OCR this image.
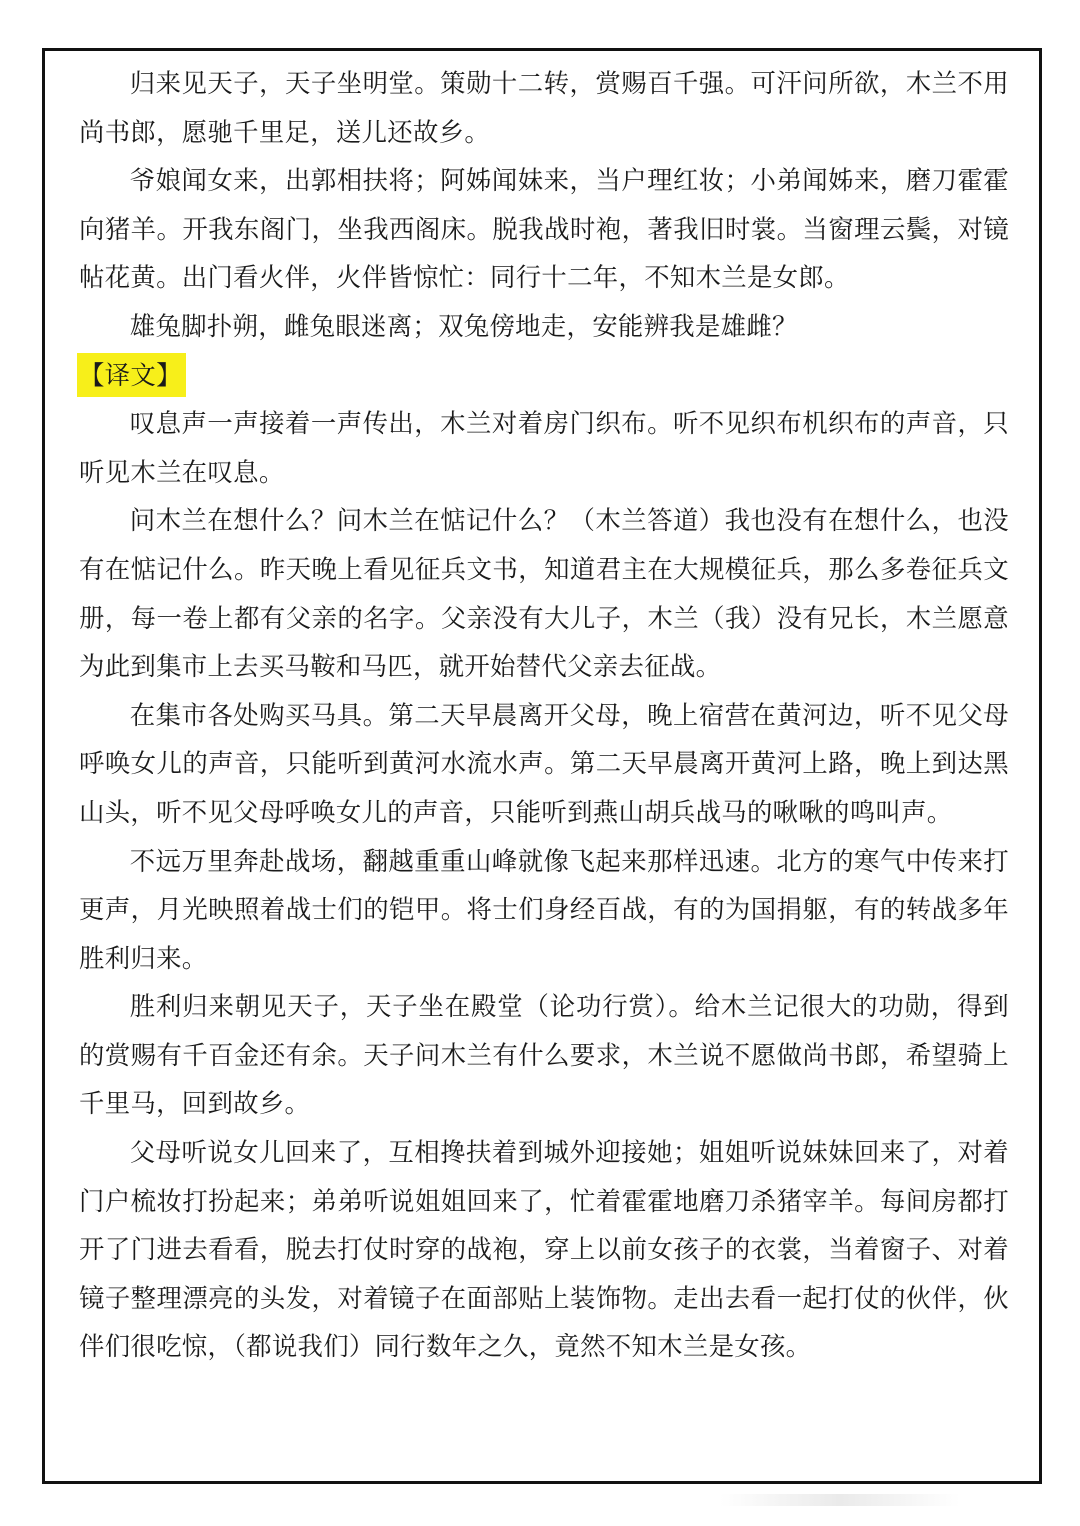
归来见天子，天子坐明堂。策勋十二转，赏赐百千强。可汗问所欲，木兰不用尚书郎，愿驰千里足，送儿还故乡。

爷娘闻女来，出郭相扶将；阿姊闻妹来，当户理红妆；小弟闻姊来，磨刀霍霍向猪羊。开我东阁门，坐我西阁床。脱我战时袍，著我旧时裳。当窗理云鬓，对镜帖花黄。出门看火伴，火伴皆惊忙：同行十二年，不知木兰是女郎。

雄兔脚扑朔，雌兔眼迷离；双兔傍地走，安能辨我是雄雌？

【译文】

叹息声一声接着一声传出，木兰对着房门织布。听不见织布机织布的声音，只听见木兰在叹息。

问木兰在想什么？问木兰在惦记什么？（木兰答道）我也没有在想什么，也没有在惦记什么。昨天晚上看见征兵文书，知道君主在大规模征兵，那么多卷征兵文册，每一卷上都有父亲的名字。父亲没有大儿子，木兰（我）没有兄长，木兰愿意为此到集市上去买马鞍和马匹，就开始替代父亲去征战。

在集市各处购买马具。第二天早晨离开父母，晚上宿营在黄河边，听不见父母呼唤女儿的声音，只能听到黄河水流水声。第二天早晨离开黄河上路，晚上到达黑山头，听不见父母呼唤女儿的声音，只能听到燕山胡兵战马的啾啾的鸣叫声。

不远万里奔赴战场，翻越重重山峰就像飞起来那样迅速。北方的寒气中传来打更声，月光映照着战士们的铠甲。将士们身经百战，有的为国捐躯，有的转战多年胜利归来。

胜利归来朝见天子，天子坐在殿堂（论功行赏）。给木兰记很大的功勋，得到的赏赐有千百金还有余。天子问木兰有什么要求，木兰说不愿做尚书郎，希望骑上千里马，回到故乡。

父母听说女儿回来了，互相搀扶着到城外迎接她；姐姐听说妹妹回来了，对着门户梳妆打扮起来；弟弟听说姐姐回来了，忙着霍霍地磨刀杀猪宰羊。每间房都打开了门进去看看，脱去打仗时穿的战袍，穿上以前女孩子的衣裳，当着窗子、对着镜子整理漂亮的头发，对着镜子在面部贴上装饰物。走出去看一起打仗的伙伴，伙伴们很吃惊，（都说我们）同行数年之久，竟然不知木兰是女孩。
